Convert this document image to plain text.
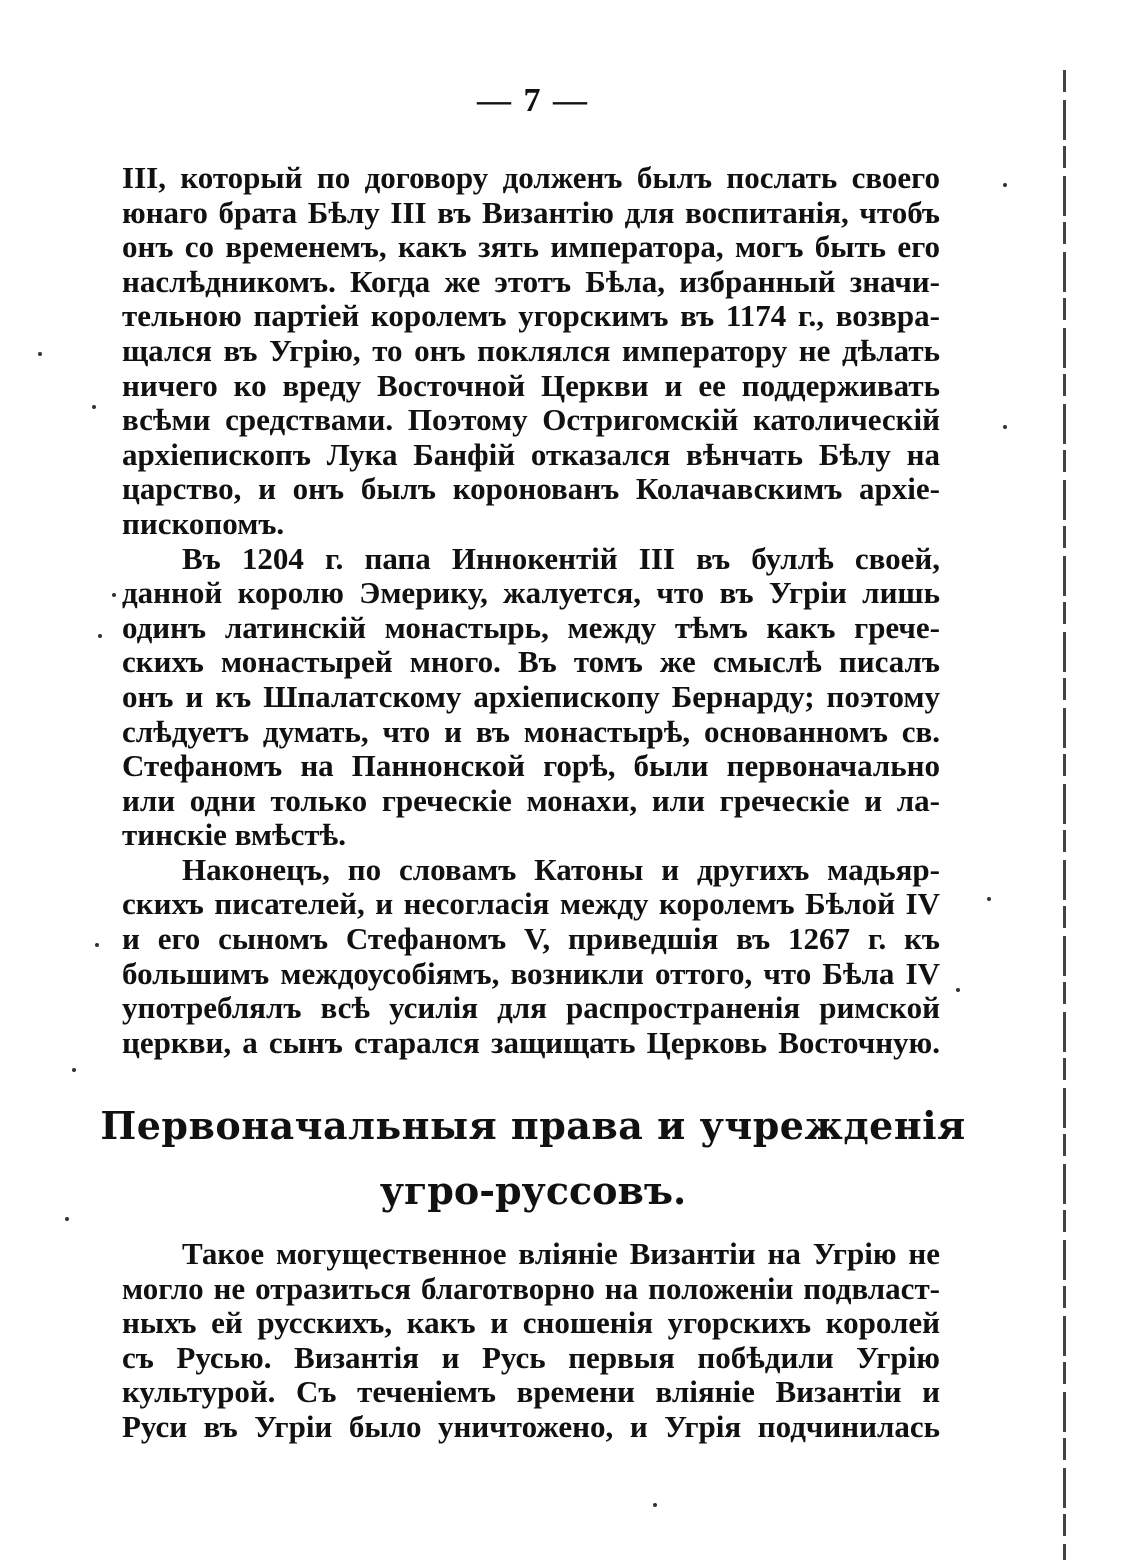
— 7 —
III, который по договору долженъ былъ послать своего
юнаго брата Бѣлу III въ Византію для воспитанія, чтобъ
онъ со временемъ, какъ зять императора, могъ быть его
наслѣдникомъ. Когда же этотъ Бѣла, избранный значи-
тельною партіей королемъ угорскимъ въ 1174 г., возвра-
щался въ Угрію, то онъ поклялся императору не дѣлать
ничего ко вреду Восточной Церкви и ее поддерживать
всѣми средствами. Поэтому Остригомскій католическій
архіепископъ Лука Банфій отказался вѣнчать Бѣлу на
царство, и онъ былъ коронованъ Колачавскимъ архіе-
пископомъ.
Въ 1204 г. папа Иннокентій III въ буллѣ своей,
данной королю Эмерику, жалуется, что въ Угріи лишь
одинъ латинскій монастырь, между тѣмъ какъ грече-
скихъ монастырей много. Въ томъ же смыслѣ писалъ
онъ и къ Шпалатскому архіепископу Бернарду; поэтому
слѣдуетъ думать, что и въ монастырѣ, основанномъ св.
Стефаномъ на Паннонской горѣ, были первоначально
или одни только греческіе монахи, или греческіе и ла-
тинскіе вмѣстѣ.
Наконецъ, по словамъ Катоны и другихъ мадьяр-
скихъ писателей, и несогласія между королемъ Бѣлой IV
и его сыномъ Стефаномъ V, приведшія въ 1267 г. къ
большимъ междоусобіямъ, возникли оттого, что Бѣла IV
употреблялъ всѣ усилія для распространенія римской
церкви, а сынъ старался защищать Церковь Восточную.
Первоначальныя права и учрежденія
угро-руссовъ.
Такое могущественное вліяніе Византіи на Угрію не
могло не отразиться благотворно на положеніи подвласт-
ныхъ ей русскихъ, какъ и сношенія угорскихъ королей
съ Русью. Византія и Русь первыя побѣдили Угрію
культурой. Съ теченіемъ времени вліяніе Византіи и
Руси въ Угріи было уничтожено, и Угрія подчинилась
